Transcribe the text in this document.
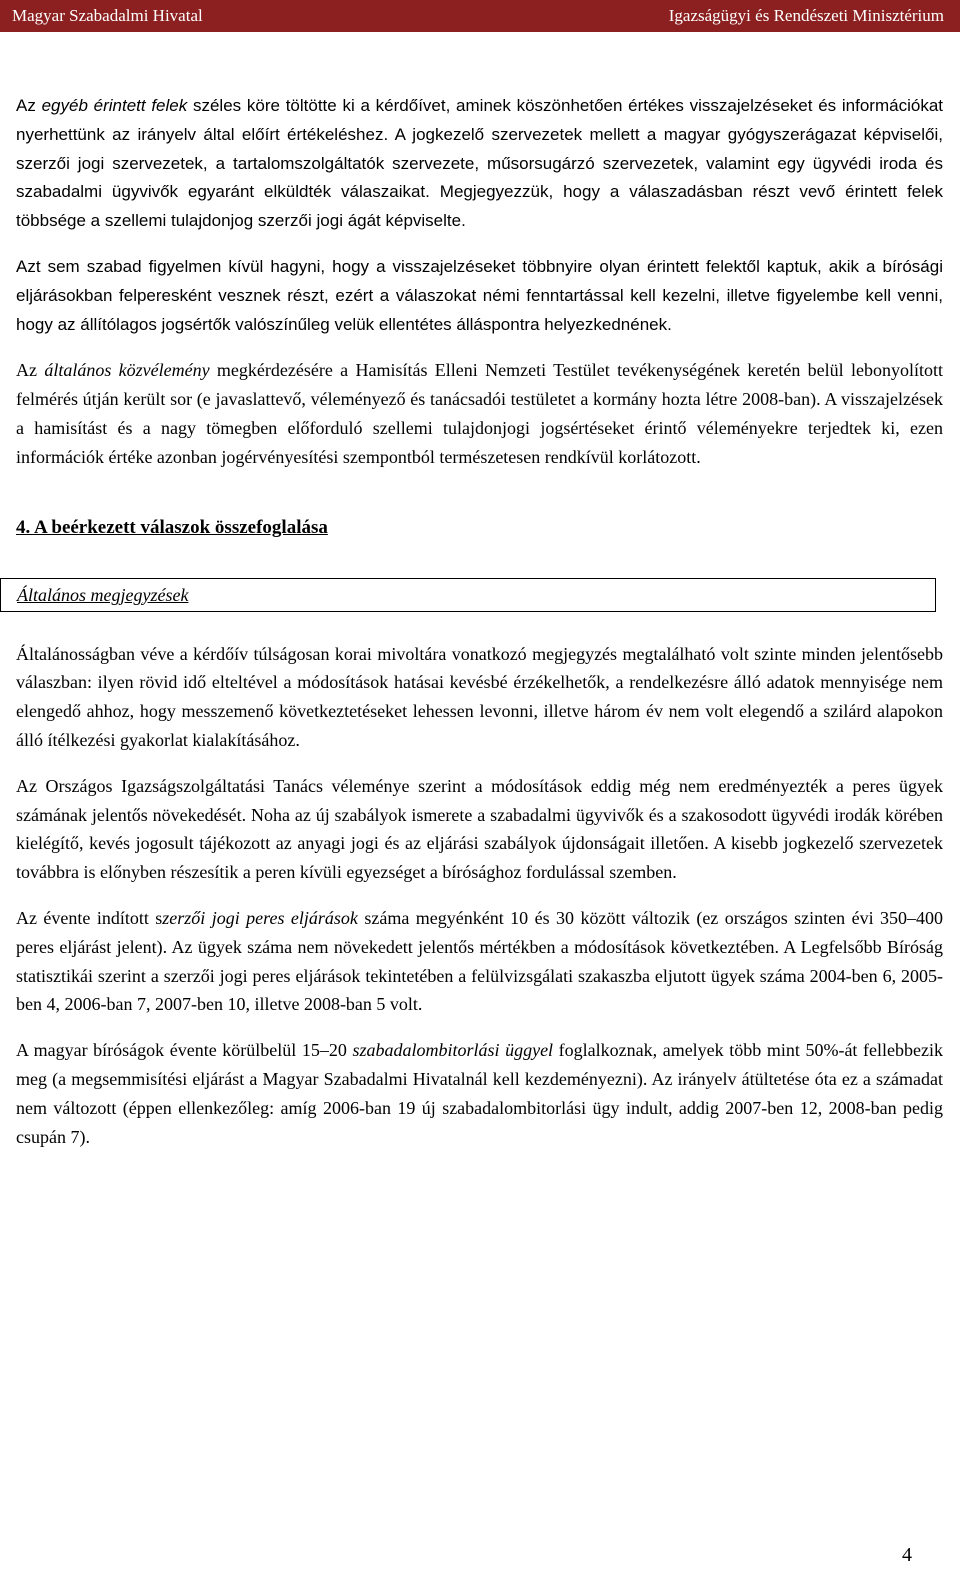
Magyar Szabadalmi Hivatal	Igazságügyi és Rendészeti Minisztérium

Az egyéb érintett felek széles köre töltötte ki a kérdőívet, aminek köszönhetően értékes visszajelzéseket és információkat nyerhettünk az irányelv által előírt értékeléshez. A jogkezelő szervezetek mellett a magyar gyógyszerágazat képviselői, szerzői jogi szervezetek, a tartalomszolgáltatók szervezete, műsorsugárzó szervezetek, valamint egy ügyvédi iroda és szabadalmi ügyvivők egyaránt elküldték válaszaikat. Megjegyezzük, hogy a válaszadásban részt vevő érintett felek többsége a szellemi tulajdonjog szerzői jogi ágát képviselte.

Azt sem szabad figyelmen kívül hagyni, hogy a visszajelzéseket többnyire olyan érintett felektől kaptuk, akik a bírósági eljárásokban felperesként vesznek részt, ezért a válaszokat némi fenntartással kell kezelni, illetve figyelembe kell venni, hogy az állítólagos jogsértők valószínűleg velük ellentétes álláspontra helyezkednének.

Az általános közvélemény megkérdezésére a Hamisítás Elleni Nemzeti Testület tevékenységének keretén belül lebonyolított felmérés útján került sor (e javaslattevő, véleményező és tanácsadói testületet a kormány hozta létre 2008-ban). A visszajelzések a hamisítást és a nagy tömegben előforduló szellemi tulajdonjogi jogsértéseket érintő véleményekre terjedtek ki, ezen információk értéke azonban jogérvényesítési szempontból természetesen rendkívül korlátozott.

4. A beérkezett válaszok összefoglalása
Általános megjegyzések

Általánosságban véve a kérdőív túlságosan korai mivoltára vonatkozó megjegyzés megtalálható volt szinte minden jelentősebb válaszban: ilyen rövid idő elteltével a módosítások hatásai kevésbé érzékelhetők, a rendelkezésre álló adatok mennyisége nem elengedő ahhoz, hogy messzemenő következtetéseket lehessen levonni, illetve három év nem volt elegendő a szilárd alapokon álló ítélkezési gyakorlat kialakításához.

Az Országos Igazságszolgáltatási Tanács véleménye szerint a módosítások eddig még nem eredményezték a peres ügyek számának jelentős növekedését. Noha az új szabályok ismerete a szabadalmi ügyvivők és a szakosodott ügyvédi irodák körében kielégítő, kevés jogosult tájékozott az anyagi jogi és az eljárási szabályok újdonságait illetően. A kisebb jogkezelő szervezetek továbbra is előnyben részesítik a peren kívüli egyezséget a bírósághoz fordulással szemben.

Az évente indított szerzői jogi peres eljárások száma megyénként 10 és 30 között változik (ez országos szinten évi 350–400 peres eljárást jelent). Az ügyek száma nem növekedett jelentős mértékben a módosítások következtében. A Legfelsőbb Bíróság statisztikái szerint a szerzői jogi peres eljárások tekintetében a felülvizsgálati szakaszba eljutott ügyek száma 2004-ben 6, 2005-ben 4, 2006-ban 7, 2007-ben 10, illetve 2008-ban 5 volt.

A magyar bíróságok évente körülbelül 15–20 szabadalombitorlási üggyel foglalkoznak, amelyek több mint 50%-át fellebbezik meg (a megsemmisítési eljárást a Magyar Szabadalmi Hivatalnál kell kezdeményezni). Az irányelv átültetése óta ez a számadat nem változott (éppen ellenkezőleg: amíg 2006-ban 19 új szabadalombitorlási ügy indult, addig 2007-ben 12, 2008-ban pedig csupán 7).

4
